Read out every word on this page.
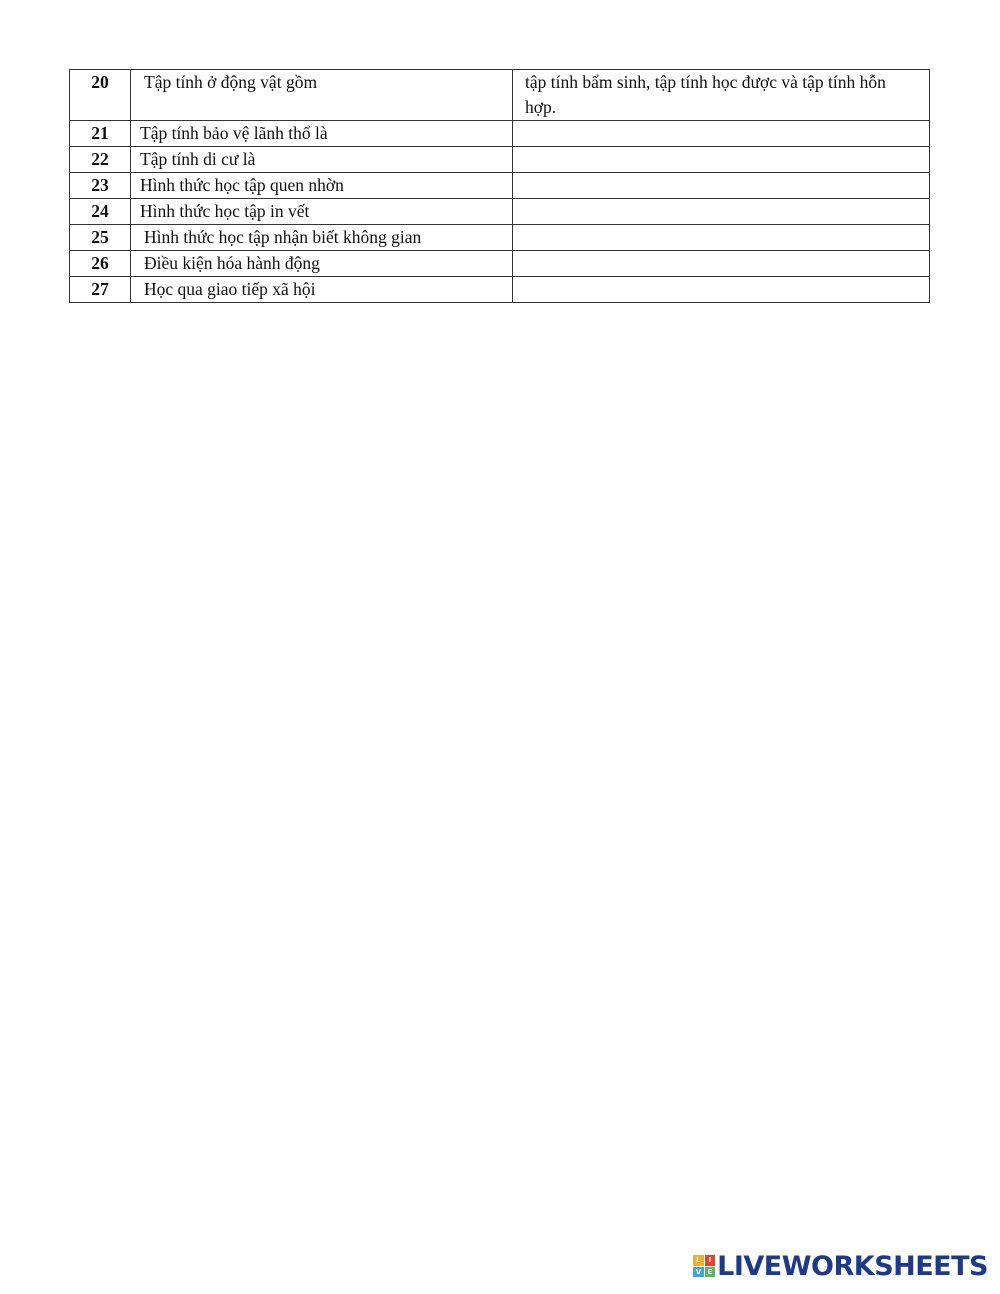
20	Tập tính ở động vật gồm	tập tính bẩm sinh, tập tính học được và tập tính hỗn hợp.
21	Tập tính bảo vệ lãnh thổ là	
22	Tập tính di cư là	
23	Hình thức học tập quen nhờn	
24	Hình thức học tập in vết	
25	Hình thức học tập nhận biết không gian	
26	Điều kiện hóa hành động	
27	Học qua giao tiếp xã hội	
L	I
V E LIVEWORKSHEETS
